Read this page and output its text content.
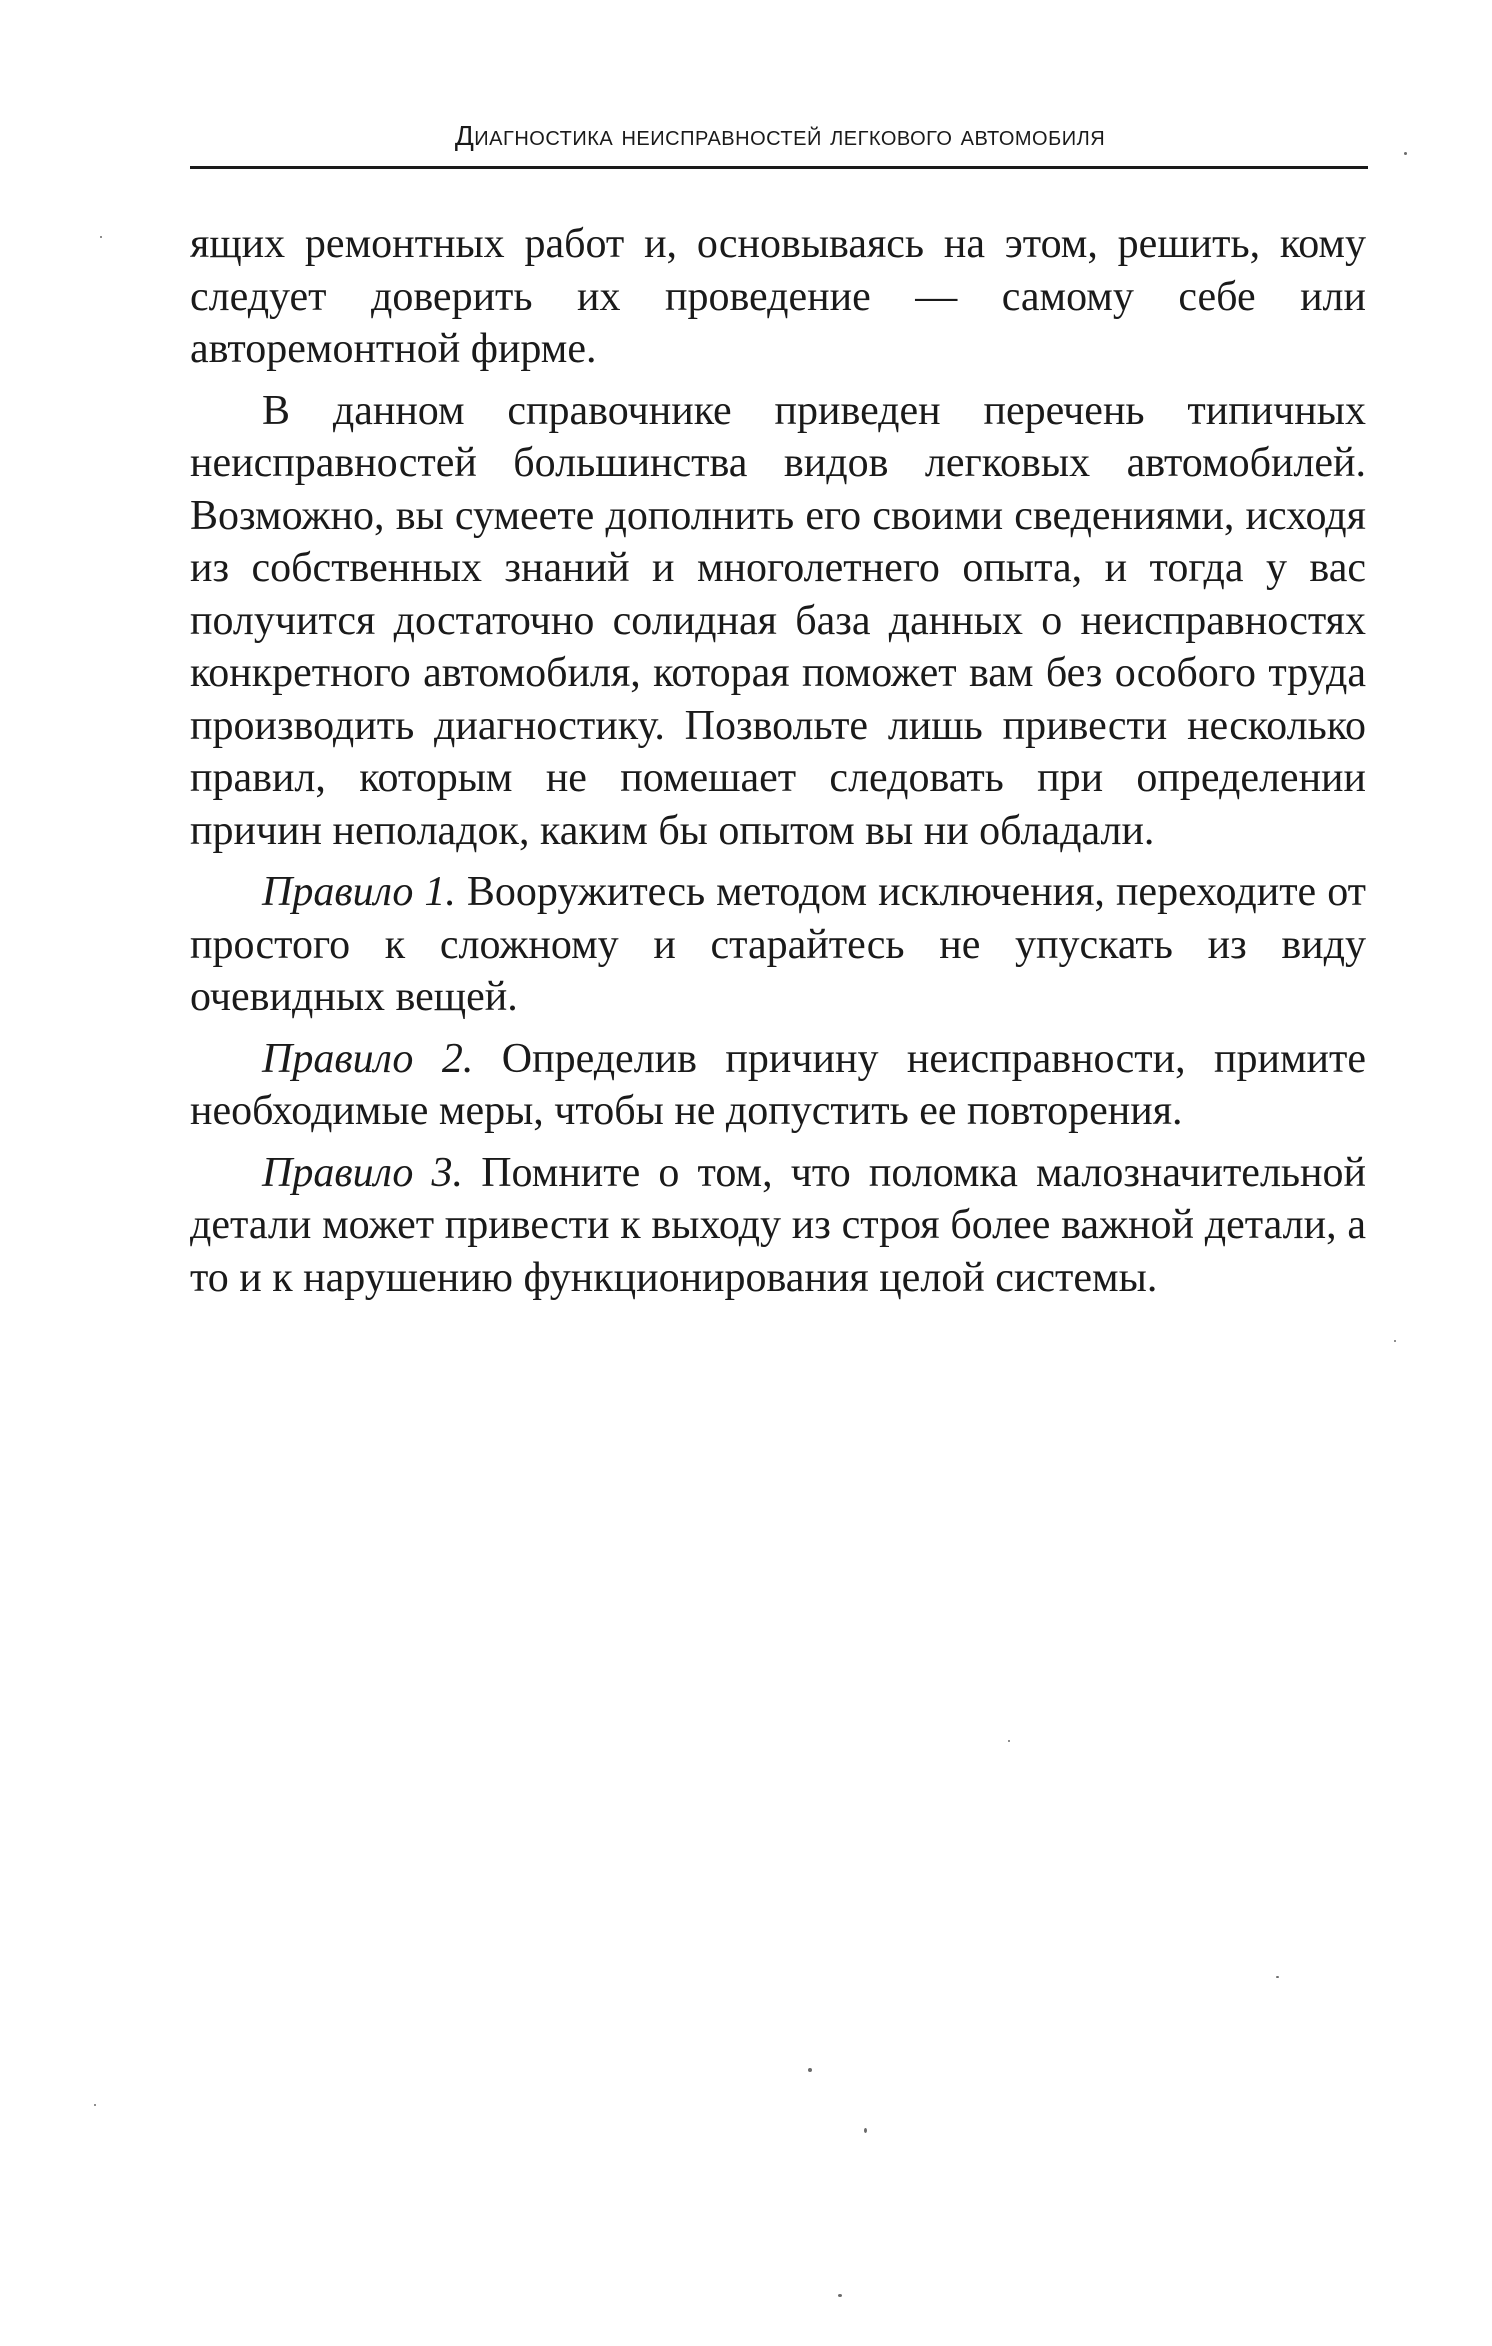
Диагностика неисправностей легкового автомобиля

ящих ремонтных работ и, основываясь на этом, решить, кому следует доверить их проведение — самому себе или авторемонтной фирме.

В данном справочнике приведен перечень типичных неисправностей большинства видов легковых автомобилей. Возможно, вы сумеете дополнить его своими сведениями, исходя из собственных знаний и многолетнего опыта, и тогда у вас получится достаточно солидная база данных о неисправностях конкретного автомобиля, которая поможет вам без особого труда производить диагностику. Позвольте лишь привести несколько правил, которым не помешает следовать при определении причин неполадок, каким бы опытом вы ни обладали.

Правило 1. Вооружитесь методом исключения, переходите от простого к сложному и старайтесь не упускать из виду очевидных вещей.

Правило 2. Определив причину неисправности, примите необходимые меры, чтобы не допустить ее повторения.

Правило 3. Помните о том, что поломка малозначительной детали может привести к выходу из строя более важной детали, а то и к нарушению функционирования целой системы.
